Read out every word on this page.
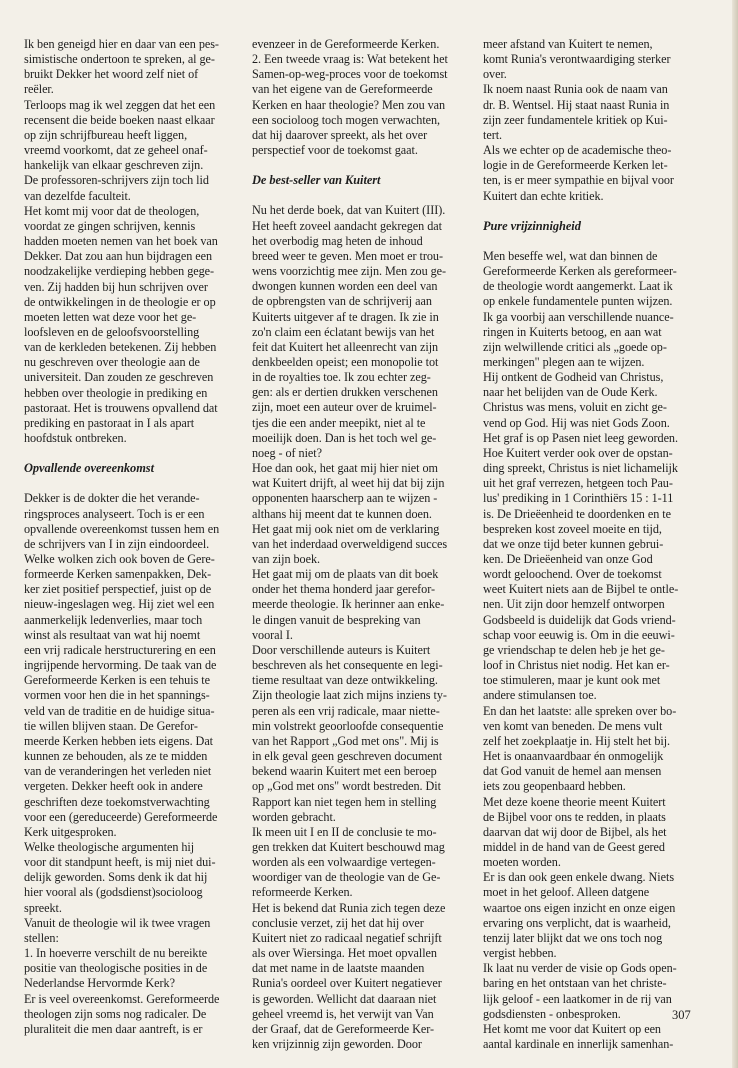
Ik ben geneigd hier en daar van een pes-
simistische ondertoon te spreken, al ge-
bruikt Dekker het woord zelf niet of
reëler.
Terloops mag ik wel zeggen dat het een
recensent die beide boeken naast elkaar
op zijn schrijfbureau heeft liggen,
vreemd voorkomt, dat ze geheel onaf-
hankelijk van elkaar geschreven zijn.
De professoren-schrijvers zijn toch lid
van dezelfde faculteit.
Het komt mij voor dat de theologen,
voordat ze gingen schrijven, kennis
hadden moeten nemen van het boek van
Dekker. Dat zou aan hun bijdragen een
noodzakelijke verdieping hebben gege-
ven. Zij hadden bij hun schrijven over
de ontwikkelingen in de theologie er op
moeten letten wat deze voor het ge-
loofsleven en de geloofsvoorstelling
van de kerkleden betekenen. Zij hebben
nu geschreven over theologie aan de
universiteit. Dan zouden ze geschreven
hebben over theologie in prediking en
pastoraat. Het is trouwens opvallend dat
prediking en pastoraat in I als apart
hoofdstuk ontbreken.

Opvallende overeenkomst

Dekker is de dokter die het verande-
ringsproces analyseert. Toch is er een
opvallende overeenkomst tussen hem en
de schrijvers van I in zijn eindoordeel.
Welke wolken zich ook boven de Gere-
formeerde Kerken samenpakken, Dek-
ker ziet positief perspectief, juist op de
nieuw-ingeslagen weg. Hij ziet wel een
aanmerkelijk ledenverlies, maar toch
winst als resultaat van wat hij noemt
een vrij radicale herstructurering en een
ingrijpende hervorming. De taak van de
Gereformeerde Kerken is een tehuis te
vormen voor hen die in het spannings-
veld van de traditie en de huidige situa-
tie willen blijven staan. De Gerefor-
meerde Kerken hebben iets eigens. Dat
kunnen ze behouden, als ze te midden
van de veranderingen het verleden niet
vergeten. Dekker heeft ook in andere
geschriften deze toekomstverwachting
voor een (gereduceerde) Gereformeerde
Kerk uitgesproken.
Welke theologische argumenten hij
voor dit standpunt heeft, is mij niet dui-
delijk geworden. Soms denk ik dat hij
hier vooral als (godsdienst)socioloog
spreekt.
Vanuit de theologie wil ik twee vragen
stellen:
1. In hoeverre verschilt de nu bereikte
positie van theologische posities in de
Nederlandse Hervormde Kerk?
Er is veel overeenkomst. Gereformeerde
theologen zijn soms nog radicaler. De
pluraliteit die men daar aantreft, is er

evenzeer in de Gereformeerde Kerken.
2. Een tweede vraag is: Wat betekent het
Samen-op-weg-proces voor de toekomst
van het eigene van de Gereformeerde
Kerken en haar theologie? Men zou van
een socioloog toch mogen verwachten,
dat hij daarover spreekt, als het over
perspectief voor de toekomst gaat.

De best-seller van Kuitert

Nu het derde boek, dat van Kuitert (III).
Het heeft zoveel aandacht gekregen dat
het overbodig mag heten de inhoud
breed weer te geven. Men moet er trou-
wens voorzichtig mee zijn. Men zou ge-
dwongen kunnen worden een deel van
de opbrengsten van de schrijverij aan
Kuiterts uitgever af te dragen. Ik zie in
zo'n claim een éclatant bewijs van het
feit dat Kuitert het alleenrecht van zijn
denkbeelden opeist; een monopolie tot
in de royalties toe. Ik zou echter zeg-
gen: als er dertien drukken verschenen
zijn, moet een auteur over de kruimel-
tjes die een ander meepikt, niet al te
moeilijk doen. Dan is het toch wel ge-
noeg - of niet?
Hoe dan ook, het gaat mij hier niet om
wat Kuitert drijft, al weet hij dat bij zijn
opponenten haarscherp aan te wijzen -
althans hij meent dat te kunnen doen.
Het gaat mij ook niet om de verklaring
van het inderdaad overweldigend succes
van zijn boek.
Het gaat mij om de plaats van dit boek
onder het thema honderd jaar gerefor-
meerde theologie. Ik herinner aan enke-
le dingen vanuit de bespreking van
vooral I.
Door verschillende auteurs is Kuitert
beschreven als het consequente en legi-
tieme resultaat van deze ontwikkeling.
Zijn theologie laat zich mijns inziens ty-
peren als een vrij radicale, maar niette-
min volstrekt geoorloofde consequentie
van het Rapport „God met ons". Mij is
in elk geval geen geschreven document
bekend waarin Kuitert met een beroep
op „God met ons" wordt bestreden. Dit
Rapport kan niet tegen hem in stelling
worden gebracht.
Ik meen uit I en II de conclusie te mo-
gen trekken dat Kuitert beschouwd mag
worden als een volwaardige vertegen-
woordiger van de theologie van de Ge-
reformeerde Kerken.
Het is bekend dat Runia zich tegen deze
conclusie verzet, zij het dat hij over
Kuitert niet zo radicaal negatief schrijft
als over Wiersinga. Het moet opvallen
dat met name in de laatste maanden
Runia's oordeel over Kuitert negatiever
is geworden. Wellicht dat daaraan niet
geheel vreemd is, het verwijt van Van
der Graaf, dat de Gereformeerde Ker-
ken vrijzinnig zijn geworden. Door

meer afstand van Kuitert te nemen,
komt Runia's verontwaardiging sterker
over.
Ik noem naast Runia ook de naam van
dr. B. Wentsel. Hij staat naast Runia in
zijn zeer fundamentele kritiek op Kui-
tert.
Als we echter op de academische theo-
logie in de Gereformeerde Kerken let-
ten, is er meer sympathie en bijval voor
Kuitert dan echte kritiek.

Pure vrijzinnigheid

Men beseffe wel, wat dan binnen de
Gereformeerde Kerken als gereformeer-
de theologie wordt aangemerkt. Laat ik
op enkele fundamentele punten wijzen.
Ik ga voorbij aan verschillende nuance-
ringen in Kuiterts betoog, en aan wat
zijn welwillende critici als „goede op-
merkingen" plegen aan te wijzen.
Hij ontkent de Godheid van Christus,
naar het belijden van de Oude Kerk.
Christus was mens, voluit en zicht ge-
vend op God. Hij was niet Gods Zoon.
Het graf is op Pasen niet leeg geworden.
Hoe Kuitert verder ook over de opstan-
ding spreekt, Christus is niet lichamelijk
uit het graf verrezen, hetgeen toch Pau-
lus' prediking in 1 Corinthiërs 15 : 1-11
is. De Drieëenheid te doordenken en te
bespreken kost zoveel moeite en tijd,
dat we onze tijd beter kunnen gebrui-
ken. De Drieëenheid van onze God
wordt geloochend. Over de toekomst
weet Kuitert niets aan de Bijbel te ontle-
nen. Uit zijn door hemzelf ontworpen
Godsbeeld is duidelijk dat Gods vriend-
schap voor eeuwig is. Om in die eeuwi-
ge vriendschap te delen heb je het ge-
loof in Christus niet nodig. Het kan er-
toe stimuleren, maar je kunt ook met
andere stimulansen toe.
En dan het laatste: alle spreken over bo-
ven komt van beneden. De mens vult
zelf het zoekplaatje in. Hij stelt het bij.
Het is onaanvaardbaar én onmogelijk
dat God vanuit de hemel aan mensen
iets zou geopenbaard hebben.
Met deze koene theorie meent Kuitert
de Bijbel voor ons te redden, in plaats
daarvan dat wij door de Bijbel, als het
middel in de hand van de Geest gered
moeten worden.
Er is dan ook geen enkele dwang. Niets
moet in het geloof. Alleen datgene
waartoe ons eigen inzicht en onze eigen
ervaring ons verplicht, dat is waarheid,
tenzij later blijkt dat we ons toch nog
vergist hebben.
Ik laat nu verder de visie op Gods open-
baring en het ontstaan van het christe-
lijk geloof - een laatkomer in de rij van
godsdiensten - onbesproken.
Het komt me voor dat Kuitert op een
aantal kardinale en innerlijk samenhan-

307
